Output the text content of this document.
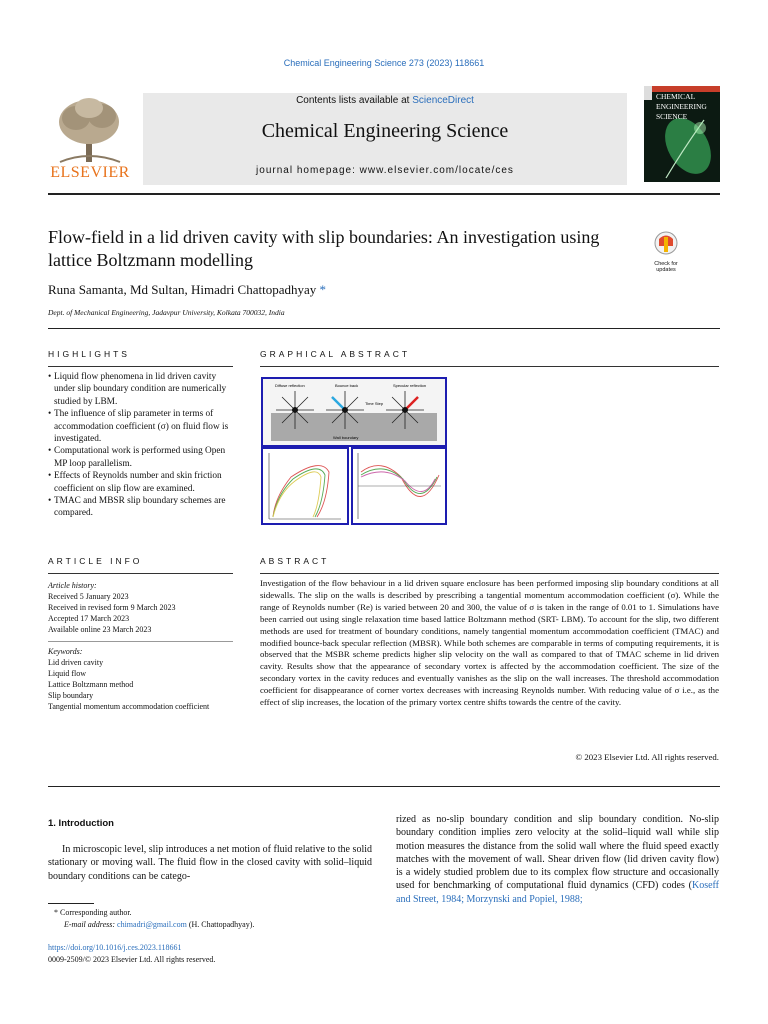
Chemical Engineering Science 273 (2023) 118661
Contents lists available at ScienceDirect
Chemical Engineering Science
journal homepage: www.elsevier.com/locate/ces
ELSEVIER
CHEMICAL
ENGINEERING
SCIENCE
Flow-field in a lid driven cavity with slip boundaries: An investigation using lattice Boltzmann modelling	Check for
updates
Runa Samanta, Md Sultan, Himadri Chattopadhyay *
Dept. of Mechanical Engineering, Jadavpur University, Kolkata 700032, India
HIGHLIGHTS
• Liquid flow phenomena in lid driven cavity under slip boundary condition are numerically studied by LBM.
• The influence of slip parameter in terms of accommodation coefficient (σ) on fluid flow is investigated.
• Computational work is performed using Open MP loop parallelism.
• Effects of Reynolds number and skin friction coefficient on slip flow are examined.
• TMAC and MBSR slip boundary schemes are compared.
GRAPHICAL ABSTRACT
Diffuse reflection	Bounce back	Specular reflection
Time Step
Wall boundary
ARTICLE INFO
Article history:
Received 5 January 2023
Received in revised form 9 March 2023
Accepted 17 March 2023
Available online 23 March 2023
Keywords:
Lid driven cavity
Liquid flow
Lattice Boltzmann method
Slip boundary
Tangential momentum accommodation coefficient
ABSTRACT
Investigation of the flow behaviour in a lid driven square enclosure has been performed imposing slip boundary conditions at all sidewalls. The slip on the walls is described by prescribing a tangential momentum accommodation coefficient (σ). While the range of Reynolds number (Re) is varied between 20 and 300, the value of σ is taken in the range of 0.01 to 1. Simulations have been carried out using single relaxation time based lattice Boltzmann method (SRT- LBM). To account for the slip, two different methods are used for treatment of boundary conditions, namely tangential momentum accommodation coefficient (TMAC) and modified bounce-back specular reflection (MBSR). While both schemes are comparable in terms of computing requirements, it is observed that the MSBR scheme predicts higher slip velocity on the wall as compared to that of TMAC scheme in lid driven cavity. Results show that the appearance of secondary vortex is affected by the accommodation coefficient. The size of the secondary vortex in the cavity reduces and eventually vanishes as the slip on the wall increases. The threshold accommodation coefficient for disappearance of corner vortex decreases with increasing Reynolds number. With reducing value of σ i.e., as the effect of slip increases, the location of the primary vortex centre shifts towards the centre of the cavity.
© 2023 Elsevier Ltd. All rights reserved.
1. Introduction
In microscopic level, slip introduces a net motion of fluid relative to the solid stationary or moving wall. The fluid flow in the closed cavity with solid–liquid boundary conditions can be catego-
rized as no-slip boundary condition and slip boundary condition. No-slip boundary condition implies zero velocity at the solid–liquid wall while slip motion measures the distance from the solid wall where the fluid speed exactly matches with the movement of wall. Shear driven flow (lid driven cavity flow) is a widely studied problem due to its complex flow structure and occasionally used for benchmarking of computational fluid dynamics (CFD) codes (Koseff and Street, 1984; Morzynski and Popiel, 1988;
* Corresponding author.
E-mail address: chimadri@gmail.com (H. Chattopadhyay).
https://doi.org/10.1016/j.ces.2023.118661
0009-2509/© 2023 Elsevier Ltd. All rights reserved.
